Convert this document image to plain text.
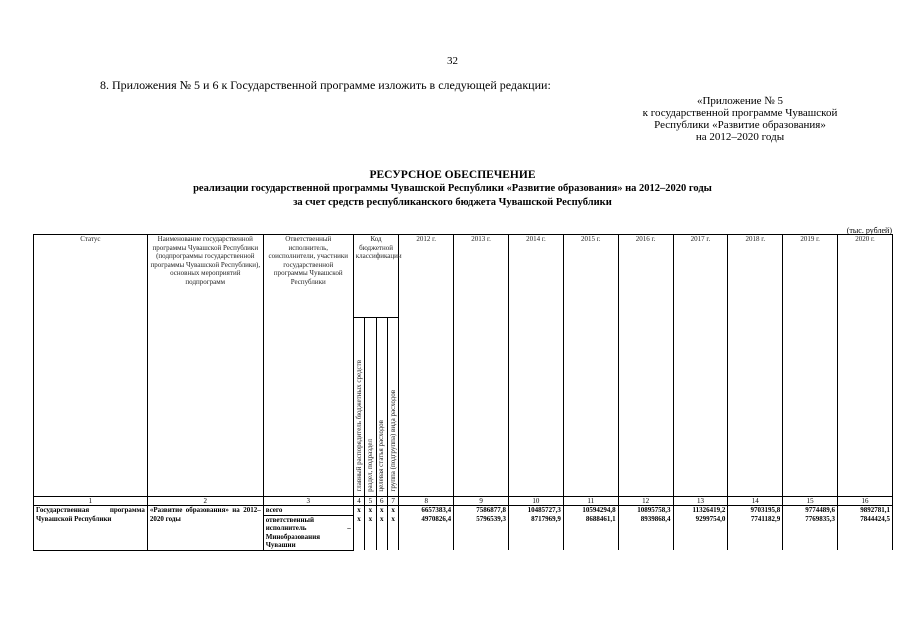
32
8. Приложения № 5 и 6 к Государственной программе изложить в следующей редакции:
«Приложение № 5
к государственной программе Чувашской
Республики «Развитие образования»
на 2012–2020 годы
РЕСУРСНОЕ ОБЕСПЕЧЕНИЕ
реализации государственной программы Чувашской Республики «Развитие образования» на 2012–2020 годы
за счет средств республиканского бюджета Чувашской Республики
(тыс. рублей)
Статус	Наименование государственной программы Чувашской Республики (подпрограммы государственной программы Чувашской Республики), основных мероприятий подпрограмм	Ответственный исполнитель, соисполнители, участники государственной программы Чувашской Республики	Код бюджетной классификации				2012 г.	2013 г.	2014 г.	2015 г.	2016 г.	2017 г.	2018 г.	2019 г.	2020 г.
			главный распорядитель бюджетных средств	раздел, подраздел	целевая статья расходов	группа (подгруппа) вида расходов									
1	2	3	4	5	6	7	8	9	10	11	12	13	14	15	16
Государственная программа Чувашской Республики	«Развитие образования» на 2012–2020 годы	всего	x	x	x	x	6657383,4	7586877,8	10485727,3	10594294,8	10895758,3	11326419,2	9703195,8	9774489,6	9892781,1
		ответственный исполнитель – Минобразования Чувашии	x	x	x	x	4970826,4	5796539,3	8717969,9	8688461,1	8939868,4	9299754,0	7741182,9	7769835,3	7844424,5
